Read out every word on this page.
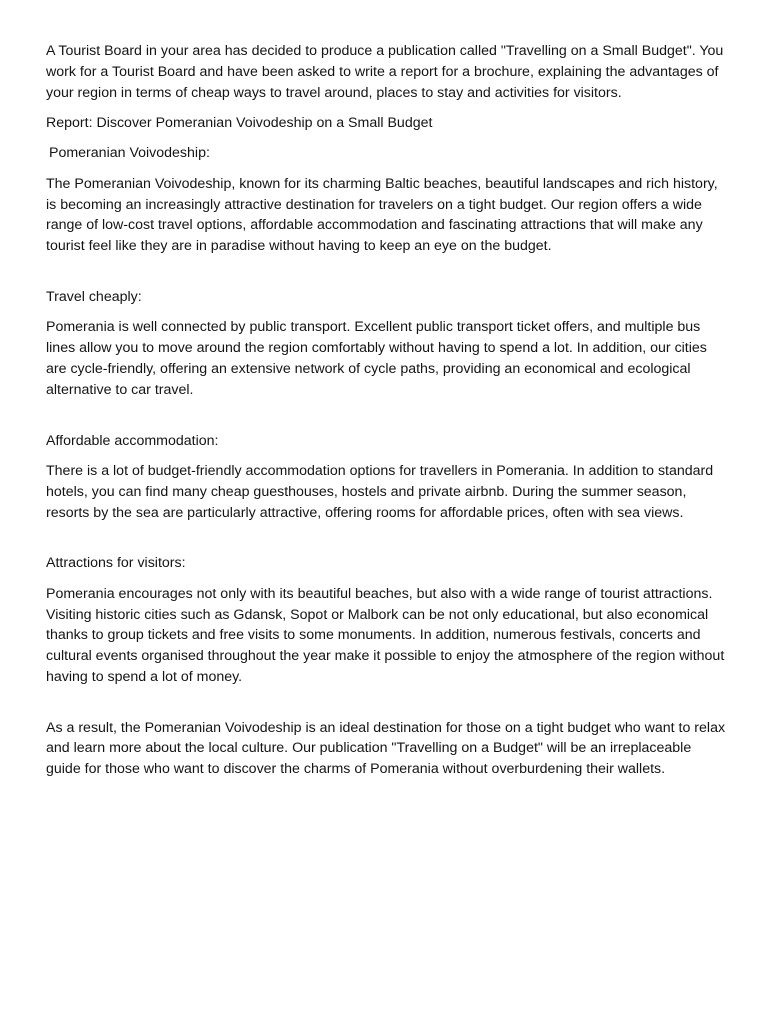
A Tourist Board in your area has decided to produce a publication called "Travelling on a Small Budget". You work for a Tourist Board and have been asked to write a report for a brochure, explaining the advantages of your region in terms of cheap ways to travel around, places to stay and activities for visitors.

Report: Discover Pomeranian Voivodeship on a Small Budget

Pomeranian Voivodeship:

The Pomeranian Voivodeship, known for its charming Baltic beaches, beautiful landscapes and rich history, is becoming an increasingly attractive destination for travelers on a tight budget. Our region offers a wide range of low-cost travel options, affordable accommodation and fascinating attractions that will make any tourist feel like they are in paradise without having to keep an eye on the budget.

Travel cheaply:

Pomerania is well connected by public transport. Excellent public transport ticket offers, and multiple bus lines allow you to move around the region comfortably without having to spend a lot. In addition, our cities are cycle-friendly, offering an extensive network of cycle paths, providing an economical and ecological alternative to car travel.

Affordable accommodation:

There is a lot of budget-friendly accommodation options for travellers in Pomerania. In addition to standard hotels, you can find many cheap guesthouses, hostels and private airbnb. During the summer season, resorts by the sea are particularly attractive, offering rooms for affordable prices, often with sea views.

Attractions for visitors:

Pomerania encourages not only with its beautiful beaches, but also with a wide range of tourist attractions. Visiting historic cities such as Gdansk, Sopot or Malbork can be not only educational, but also economical thanks to group tickets and free visits to some monuments. In addition, numerous festivals, concerts and cultural events organised throughout the year make it possible to enjoy the atmosphere of the region without having to spend a lot of money.

As a result, the Pomeranian Voivodeship is an ideal destination for those on a tight budget who want to relax and learn more about the local culture. Our publication "Travelling on a Budget" will be an irreplaceable guide for those who want to discover the charms of Pomerania without overburdening their wallets.
